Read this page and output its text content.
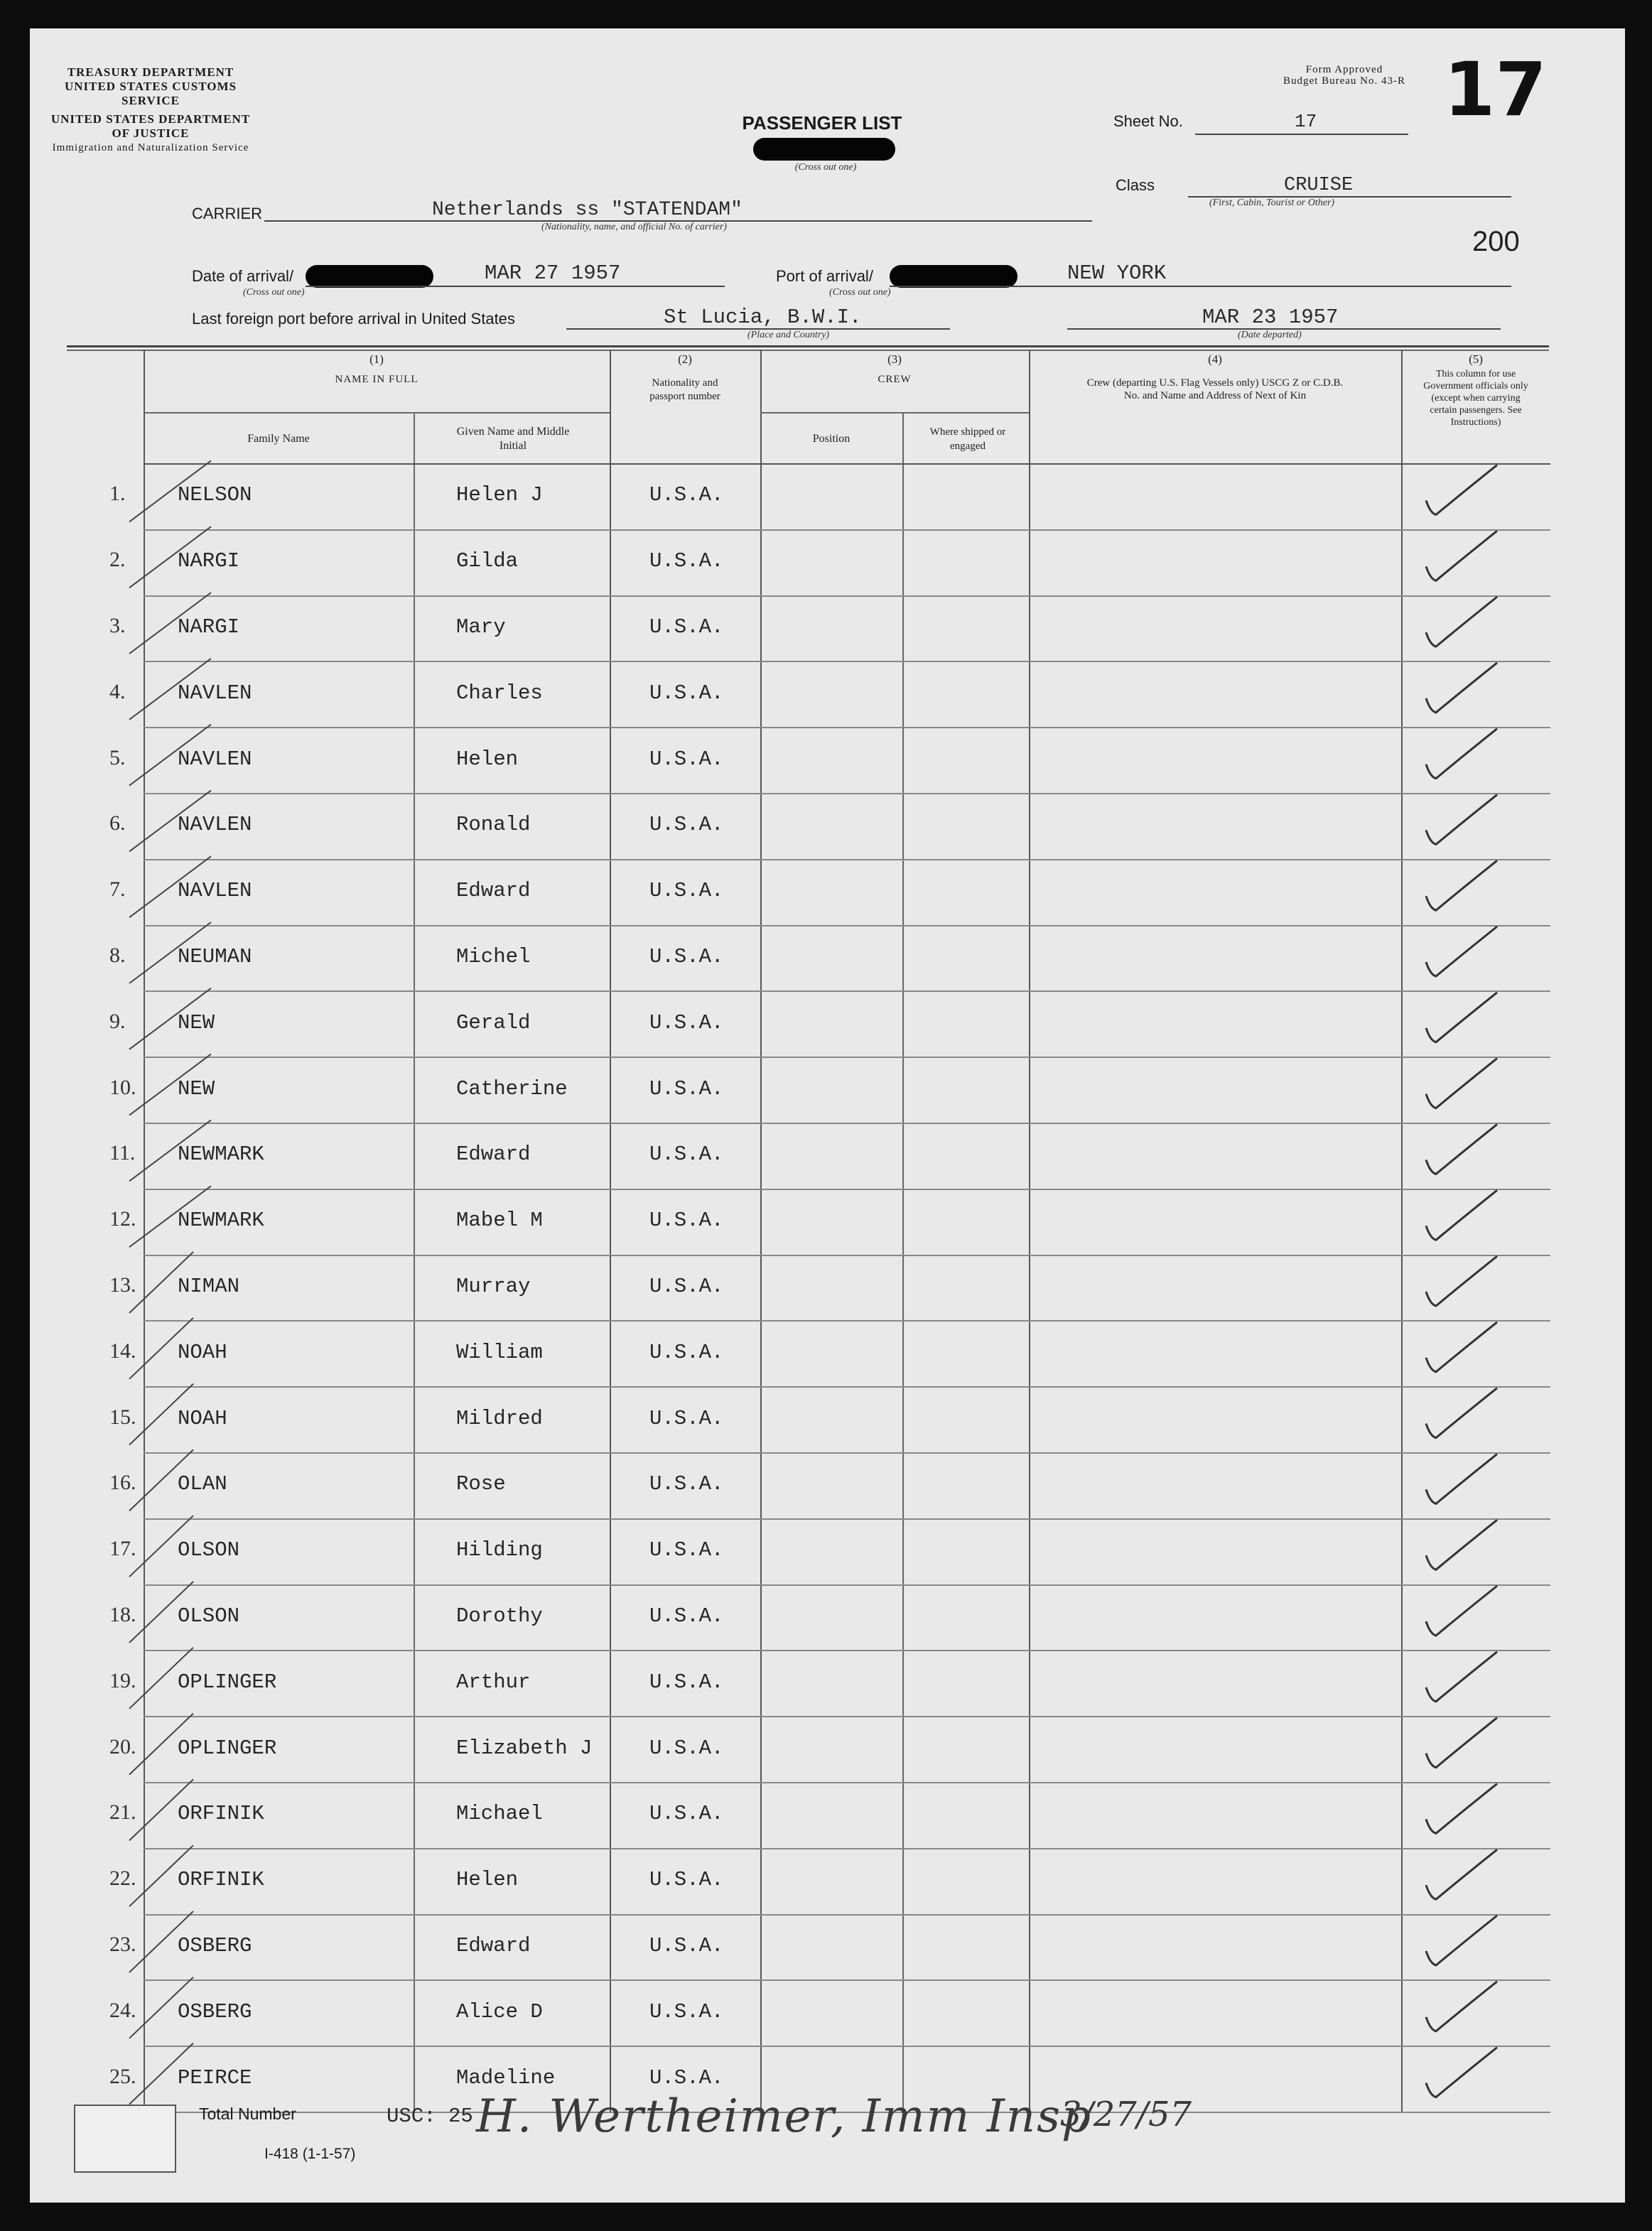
TREASURY DEPARTMENT
UNITED STATES CUSTOMS SERVICE
UNITED STATES DEPARTMENT OF JUSTICE
Immigration and Naturalization Service
Form Approved
Budget Bureau No. 43-R 17
PASSENGER LIST
(Cross out one)
Sheet No.	17
Class	CRUISE
(First, Cabin, Tourist or Other)
200
CARRIER	Netherlands ss "STATENDAM"
(Nationality, name, and official No. of carrier)
Date of arrival/
(Cross out one)
MAR 27 1957	Port of arrival/
(Cross out one)
NEW YORK
Last foreign port before arrival in United States	St Lucia, B.W.I.
(Place and Country)
MAR 23 1957
(Date departed)
(1)
NAME IN FULL
Family Name
Given Name and Middle Initial
(2)
Nationality and passport number
(3)
CREW
Position
Where shipped or engaged
(4)
Crew (departing U.S. Flag Vessels only) USCG Z or C.D.B. No. and Name and Address of Next of Kin
(5)
This column for use Government officials only (except when carrying certain passengers. See Instructions)
1.	NELSON	Helen J	U.S.A.
2.	NARGI	Gilda	U.S.A.
3.	NARGI	Mary	U.S.A.
4.	NAVLEN	Charles	U.S.A.
5.	NAVLEN	Helen	U.S.A.
6.	NAVLEN	Ronald	U.S.A.
7.	NAVLEN	Edward	U.S.A.
8.	NEUMAN	Michel	U.S.A.
9.	NEW	Gerald	U.S.A.
10. NEW	Catherine	U.S.A.
11. NEWMARK	Edward	U.S.A.
12. NEWMARK	Mabel M	U.S.A.
13. NIMAN	Murray	U.S.A.
14. NOAH	William	U.S.A.
15. NOAH	Mildred	U.S.A.
16. OLAN	Rose	U.S.A.
17. OLSON	Hilding	U.S.A.
18. OLSON	Dorothy	U.S.A.
19. OPLINGER	Arthur	U.S.A.
20. OPLINGER	Elizabeth J	U.S.A.
21. ORFINIK	Michael	U.S.A.
22. ORFINIK	Helen	U.S.A.
23. OSBERG	Edward	U.S.A.
24. OSBERG	Alice D	U.S.A.
25. PEIRCE	Madeline	U.S.A.
Total Number	USC: 25
I-418 (1-1-57)
H. Wertheimer, Imm Insp
3/27/57
